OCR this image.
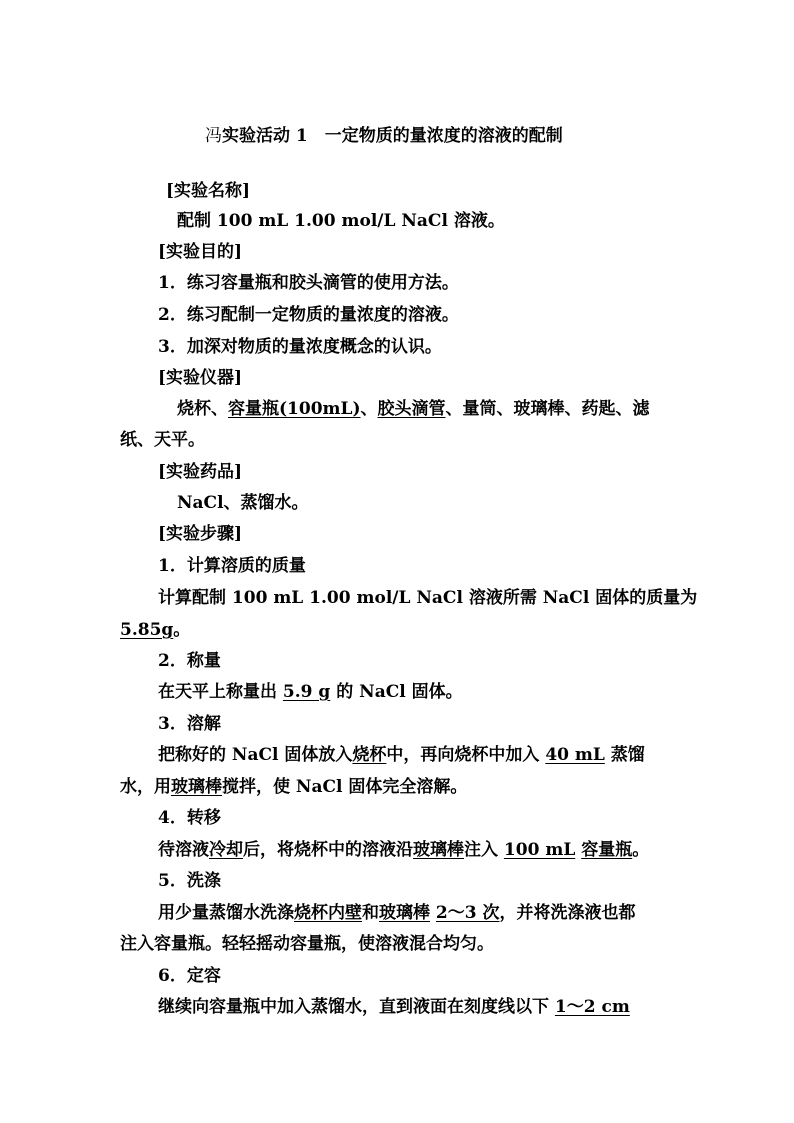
冯实验活动 1　一定物质的量浓度的溶液的配制
[实验名称]
配制 100 mL 1.00 mol/L NaCl 溶液。
[实验目的]
1．练习容量瓶和胶头滴管的使用方法。
2．练习配制一定物质的量浓度的溶液。
3．加深对物质的量浓度概念的认识。
[实验仪器]
烧杯、容量瓶(100mL)、胶头滴管、量筒、玻璃棒、药匙、滤
纸、天平。
[实验药品]
NaCl、蒸馏水。
[实验步骤]
1．计算溶质的质量
计算配制 100 mL 1.00 mol/L NaCl 溶液所需 NaCl 固体的质量为
5.85g。
2．称量
在天平上称量出 5.9 g 的 NaCl 固体。
3．溶解
把称好的 NaCl 固体放入烧杯中，再向烧杯中加入 40 mL 蒸馏
水，用玻璃棒搅拌，使 NaCl 固体完全溶解。
4．转移
待溶液冷却后，将烧杯中的溶液沿玻璃棒注入 100 mL 容量瓶。
5．洗涤
用少量蒸馏水洗涤烧杯内壁和玻璃棒 2～3 次，并将洗涤液也都
注入容量瓶。轻轻摇动容量瓶，使溶液混合均匀。
6．定容
继续向容量瓶中加入蒸馏水，直到液面在刻度线以下 1～2 cm
